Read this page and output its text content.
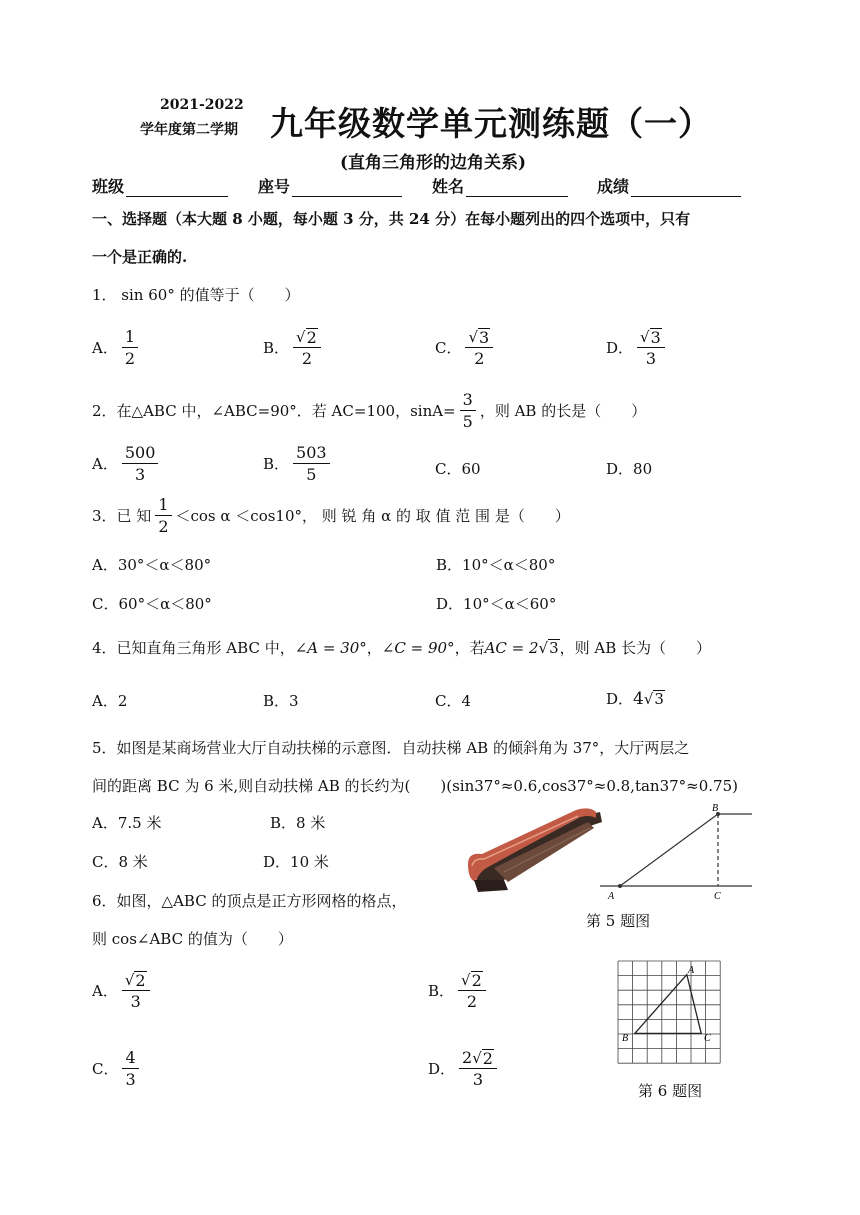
2021-2022
学年度第二学期 九年级数学单元测练题（一）
(直角三角形的边角关系)
班级	座号	姓名	成绩
一、选择题（本大题 8 小题，每小题 3 分，共 24 分）在每小题列出的四个选项中，只有
一个是正确的.
1． sin 60° 的值等于（　　）
A． $\frac{1}{2}$	B． $\frac{√ 2}{2}$	C． $\frac{√ 3}{2}$	D． $\frac{√ 3}{3}$
2．在△ABC 中，∠ABC=90°．若 AC=100，$\sin A= \frac{3}{5}$ ，则 AB 的长是（　　）
A． $\frac{500}{3}$	B． $\frac{503}{5}$	C． 60	D． 80
3．已 知 $\frac{1}{2} <\cos$ α ＜cos10°， 则 锐 角 α 的 取 值 范 围 是（　　）
A．30°＜α＜80°	B．10°＜α＜80°
C．60°＜α＜80°	D．10°＜α＜60°
4．已知直角三角形 ABC 中， ∠A = 30° ， ∠C = 90° ，若 AC = 2 √ 3 ，则 AB 长为（　　）
A． 2	B． 3	C． 4	D． 4 √ 3
5．如图是某商场营业大厅自动扶梯的示意图．自动扶梯 AB 的倾斜角为 37°，大厅两层之
间的距离 BC 为 6 米,则自动扶梯 AB 的长约为(　　)(sin37°≈0.6,cos37°≈0.8,tan37°≈0.75)
A．7.5 米	B．8 米
C．8 米	D．10 米
B
A	C
第 5 题图
6．如图，△ABC 的顶点是正方形网格的格点，
则 cos∠ABC 的值为（　　）
A． $\frac{√ 2}{3}$	B． $\frac{√ 2}{2}$
C． $\frac{4}{3}$	D． $\frac{2 √ 2}{3}$
A
B	C
第 6 题图
